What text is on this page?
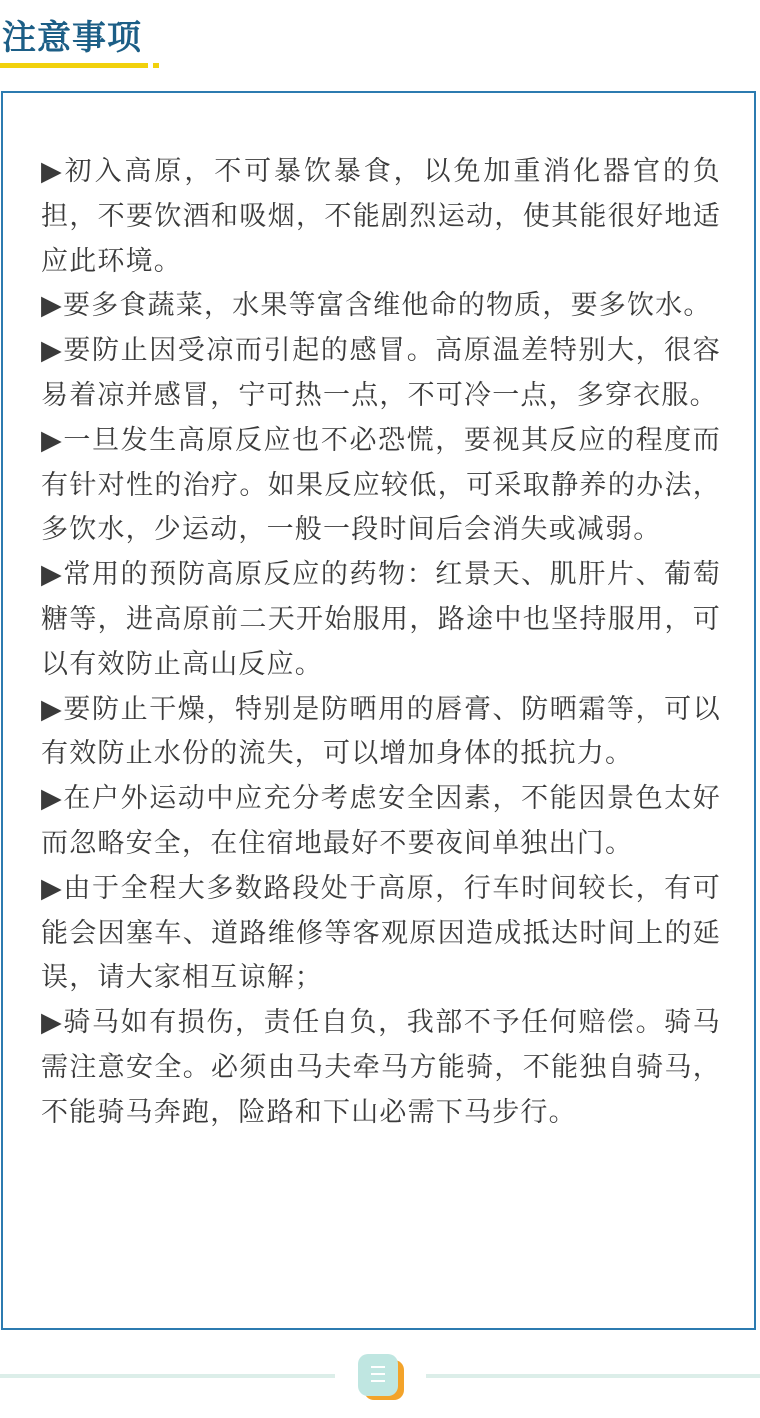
注意事项

▶初入高原，不可暴饮暴食，以免加重消化器官的负担，不要饮酒和吸烟，不能剧烈运动，使其能很好地适应此环境。

▶要多食蔬菜，水果等富含维他命的物质，要多饮水。

▶要防止因受凉而引起的感冒。高原温差特别大，很容易着凉并感冒，宁可热一点，不可冷一点，多穿衣服。

▶一旦发生高原反应也不必恐慌，要视其反应的程度而有针对性的治疗。如果反应较低，可采取静养的办法，多饮水，少运动，一般一段时间后会消失或减弱。

▶常用的预防高原反应的药物：红景天、肌肝片、葡萄糖等，进高原前二天开始服用，路途中也坚持服用，可以有效防止高山反应。

▶要防止干燥，特别是防晒用的唇膏、防晒霜等，可以有效防止水份的流失，可以增加身体的抵抗力。

▶在户外运动中应充分考虑安全因素，不能因景色太好而忽略安全，在住宿地最好不要夜间单独出门。

▶由于全程大多数路段处于高原，行车时间较长，有可能会因塞车、道路维修等客观原因造成抵达时间上的延误，请大家相互谅解；

▶骑马如有损伤，责任自负，我部不予任何赔偿。骑马需注意安全。必须由马夫牵马方能骑，不能独自骑马，不能骑马奔跑，险路和下山必需下马步行。
